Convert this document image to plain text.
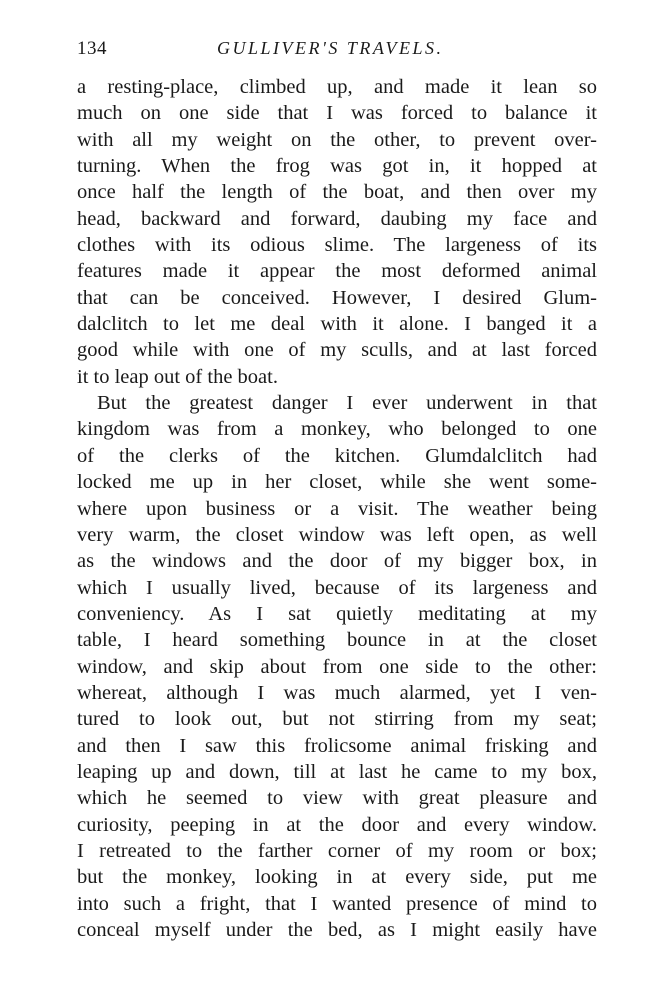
134	GULLIVER'S TRAVELS.
a resting-place, climbed up, and made it lean so
much on one side that I was forced to balance it
with all my weight on the other, to prevent over-
turning. When the frog was got in, it hopped at
once half the length of the boat, and then over my
head, backward and forward, daubing my face and
clothes with its odious slime. The largeness of its
features made it appear the most deformed animal
that can be conceived. However, I desired Glum-
dalclitch to let me deal with it alone. I banged it a
good while with one of my sculls, and at last forced
it to leap out of the boat.
But the greatest danger I ever underwent in that
kingdom was from a monkey, who belonged to one
of the clerks of the kitchen. Glumdalclitch had
locked me up in her closet, while she went some-
where upon business or a visit. The weather being
very warm, the closet window was left open, as well
as the windows and the door of my bigger box, in
which I usually lived, because of its largeness and
conveniency. As I sat quietly meditating at my
table, I heard something bounce in at the closet
window, and skip about from one side to the other:
whereat, although I was much alarmed, yet I ven-
tured to look out, but not stirring from my seat;
and then I saw this frolicsome animal frisking and
leaping up and down, till at last he came to my box,
which he seemed to view with great pleasure and
curiosity, peeping in at the door and every window.
I retreated to the farther corner of my room or box;
but the monkey, looking in at every side, put me
into such a fright, that I wanted presence of mind to
conceal myself under the bed, as I might easily have
